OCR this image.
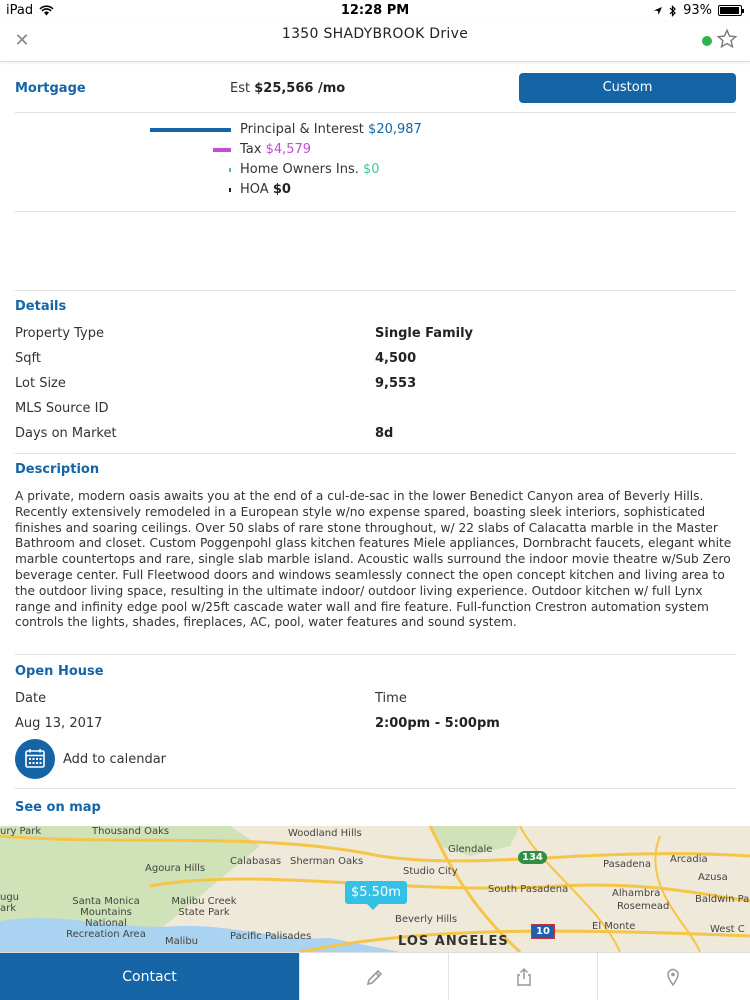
iPad	12:28 PM	93%
✕	1350 SHADYBROOK Drive
Mortgage	Est $25,566 /mo	Custom
Principal & Interest $20,987
Tax $4,579
Home Owners Ins. $0
HOA $0
Details
Property Type	Single Family
Sqft	4,500
Lot Size	9,553
MLS Source ID
Days on Market	8d
Description
A private, modern oasis awaits you at the end of a cul-de-sac in the lower Benedict Canyon area of Beverly Hills. Recently extensively remodeled in a European style w/no expense spared, boasting sleek interiors, sophisticated finishes and soaring ceilings. Over 50 slabs of rare stone throughout, w/ 22 slabs of Calacatta marble in the Master Bathroom and closet. Custom Poggenpohl glass kitchen features Miele appliances, Dornbracht faucets, elegant white marble countertops and rare, single slab marble island. Acoustic walls surround the indoor movie theatre w/Sub Zero beverage center. Full Fleetwood doors and windows seamlessly connect the open concept kitchen and living area to the outdoor living space, resulting in the ultimate indoor/ outdoor living experience. Outdoor kitchen w/ full Lynx range and infinity edge pool w/25ft cascade water wall and fire feature. Full-function Crestron automation system controls the lights, shades, fireplaces, AC, pool, water features and sound system.
Open House
Date	Time
Aug 13, 2017	2:00pm - 5:00pm
Add to calendar
See on map
Thousand Oaks	Woodland Hills
Glendale
Pasadena Arcadia
Agoura Hills
Calabasas Sherman Oaks
Studio City
South Pasadena
Azusa
Santa Monica Mountains National Recreation Area
Malibu Creek State Park
Beverly Hills
Alhambra
Rosemead
Baldwin Pa
Pacific Palisades
Malibu	LOS ANGELES
El Monte	West C
ury Park
ugu ark
134
10
$5.50m
Contact
